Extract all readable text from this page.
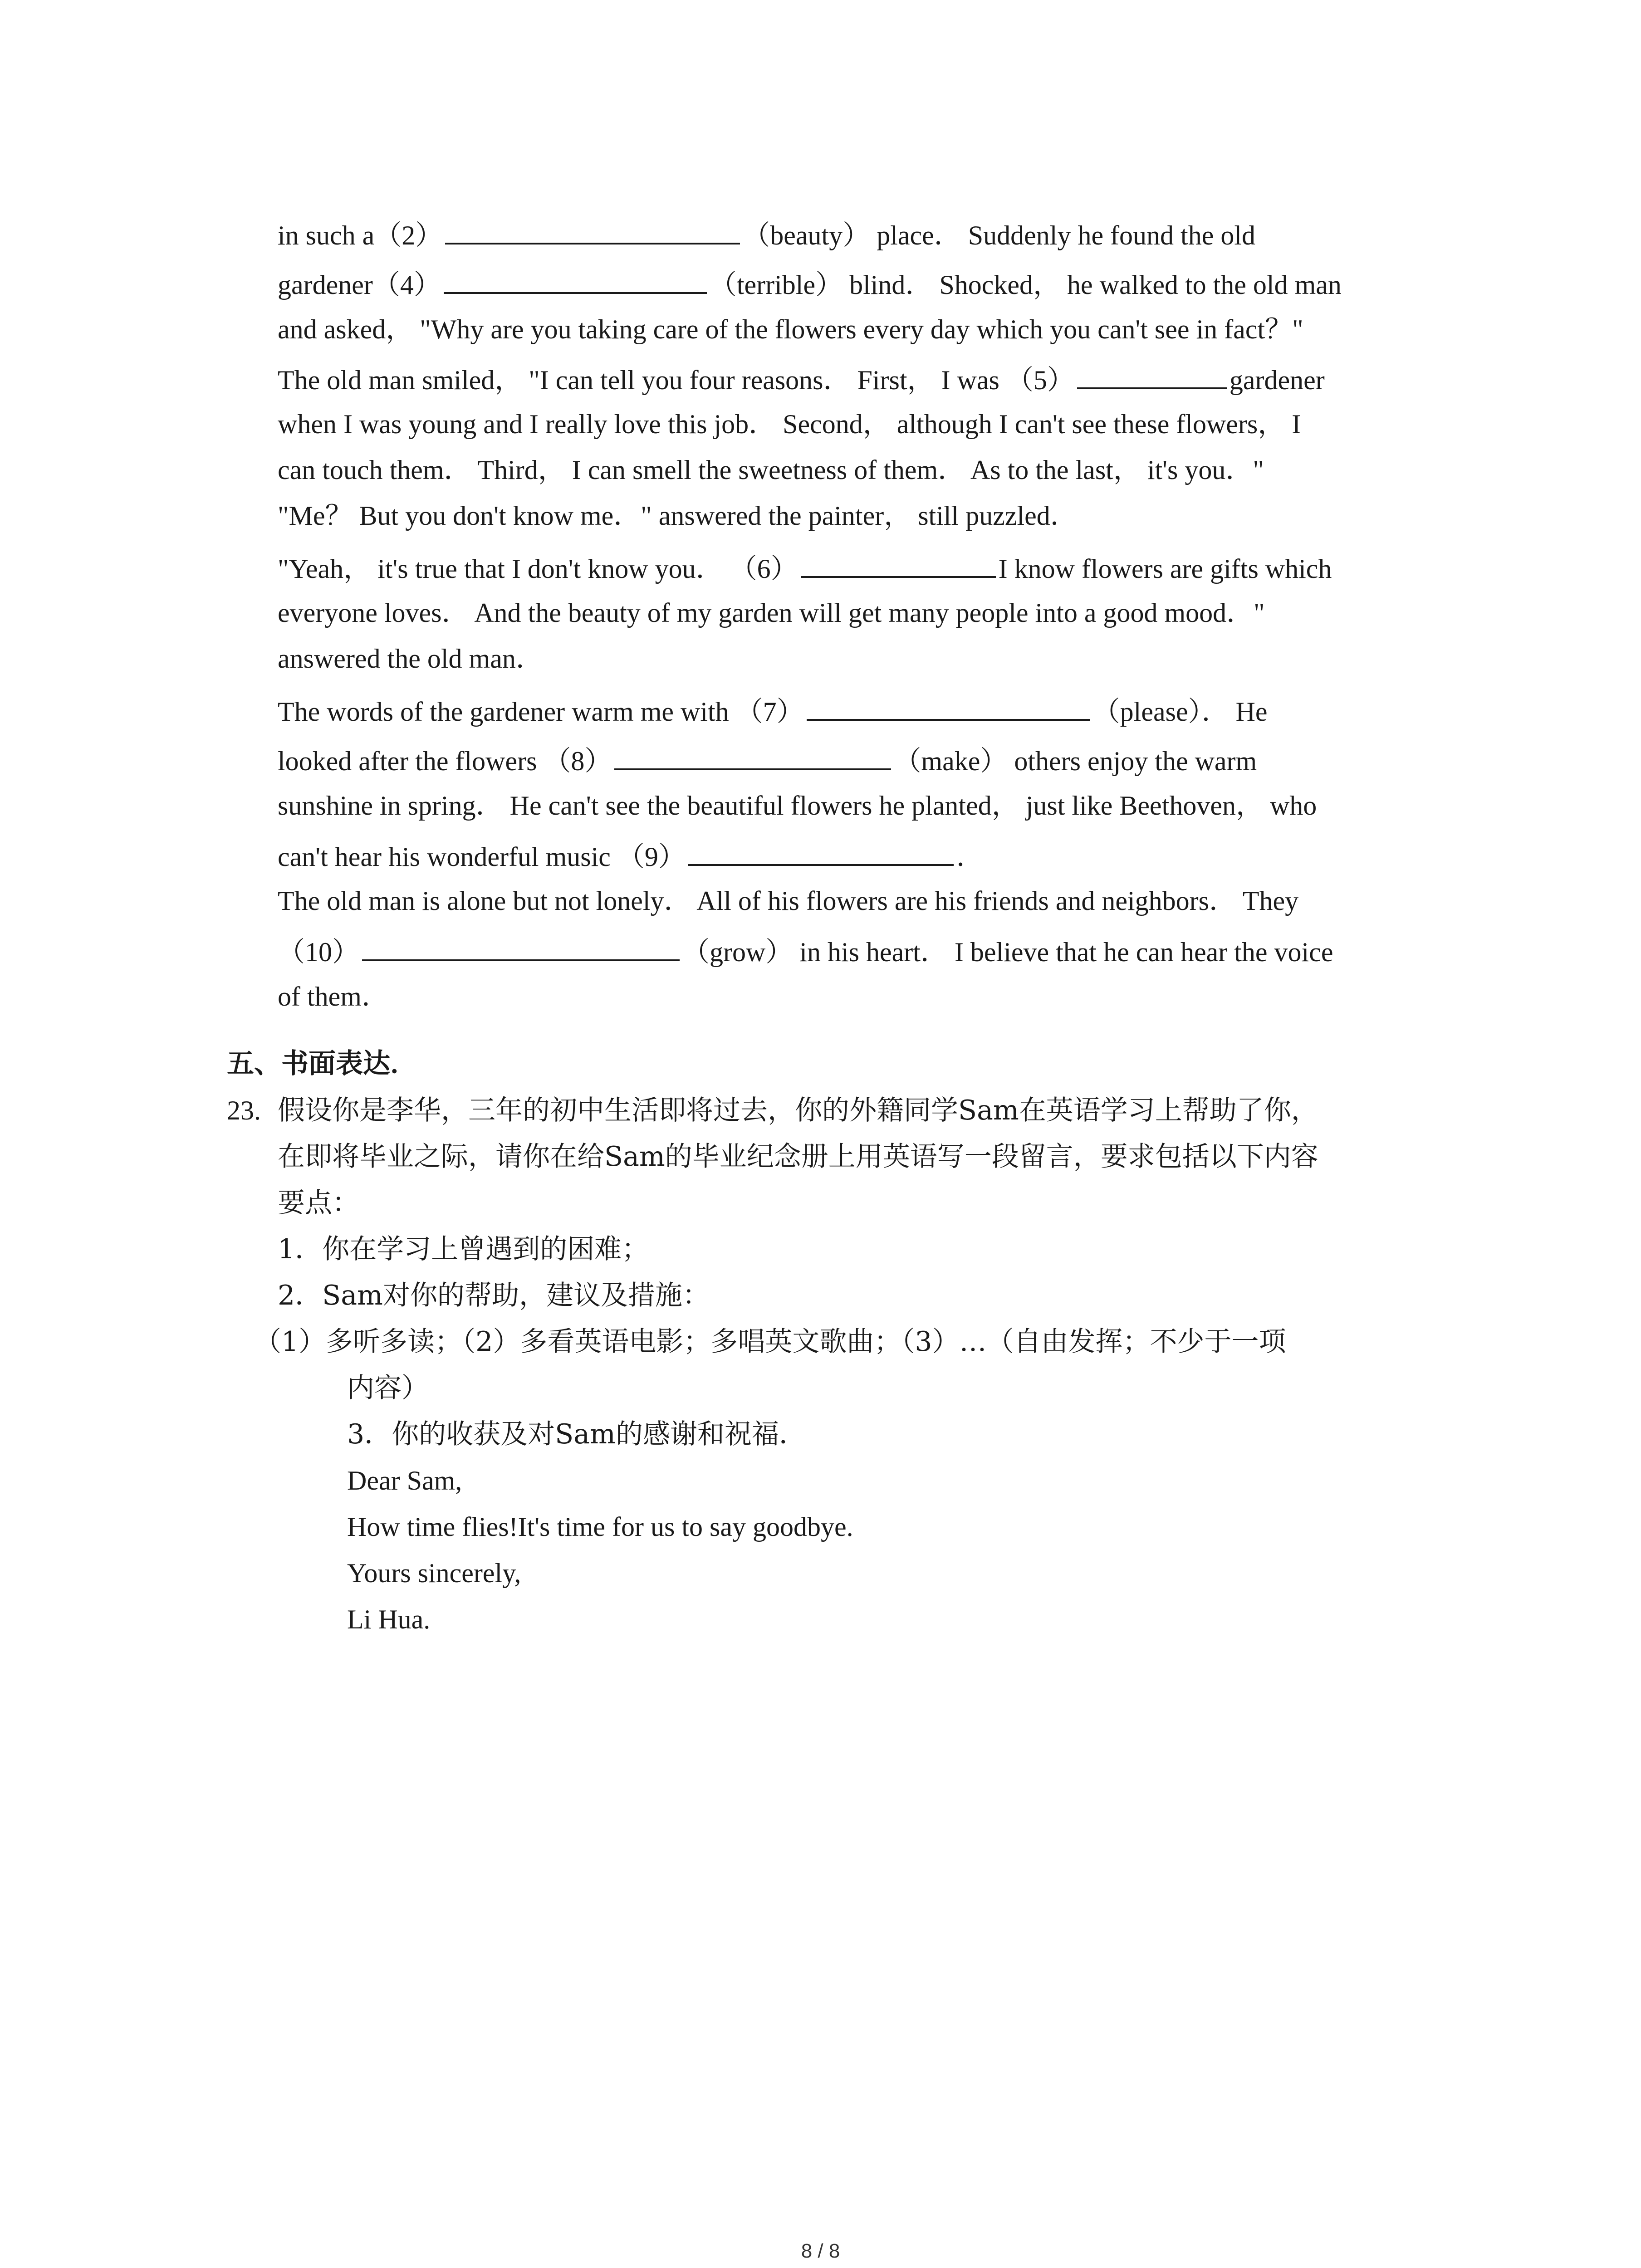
in such a（2）	（beauty） place． Suddenly he found the old
gardener（4）	（terrible） blind． Shocked， he walked to the old man
and asked， "Why are you taking care of the flowers every day which you can't see in fact？"
The old man smiled， "I can tell you four reasons． First， I was （5）	gardener
when I was young and I really love this job． Second， although I can't see these flowers， I
can touch them． Third， I can smell the sweetness of them． As to the last， it's you．"
"Me？ But you don't know me．" answered the painter， still puzzled．
"Yeah， it's true that I don't know you． （6）	I know flowers are gifts which
everyone loves． And the beauty of my garden will get many people into a good mood．"
answered the old man．
The words of the gardener warm me with （7）	（please）． He
looked after the flowers （8）	（make） others enjoy the warm
sunshine in spring． He can't see the beautiful flowers he planted， just like Beethoven， who
can't hear his wonderful music （9）	．
The old man is alone but not lonely． All of his flowers are his friends and neighbors． They
（10）	（grow） in his heart． I believe that he can hear the voice
of them．
五、书面表达．
23. 假设你是李华，三年的初中生活即将过去，你的外籍同学Sam在英语学习上帮助了你，
在即将毕业之际，请你在给Sam的毕业纪念册上用英语写一段留言，要求包括以下内容
要点：
1．你在学习上曾遇到的困难；
2．Sam对你的帮助，建议及措施：
（1）多听多读；（2）多看英语电影；多唱英文歌曲；（3）…（自由发挥；不少于一项
内容）
3．你的收获及对Sam的感谢和祝福．
Dear Sam,
How time flies!It's time for us to say goodbye.
Yours sincerely,
Li Hua.
8 / 8
